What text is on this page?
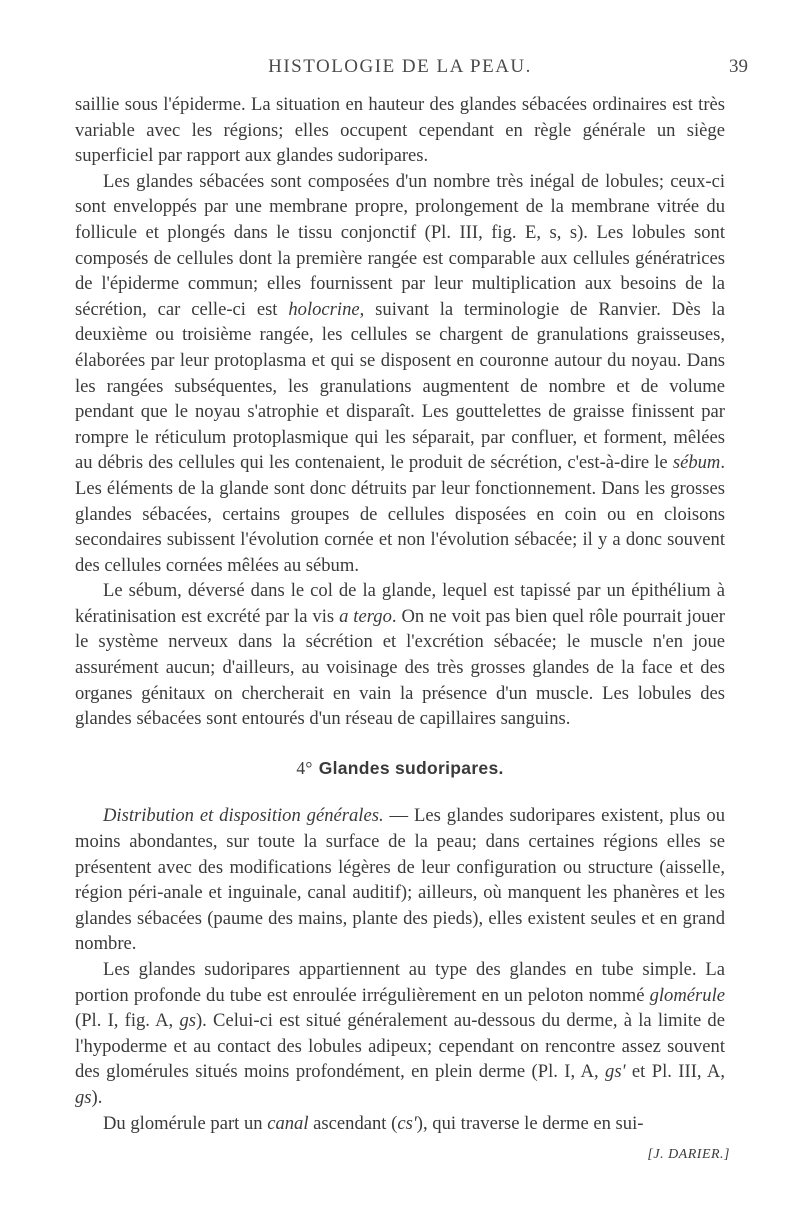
HISTOLOGIE DE LA PEAU.	39

saillie sous l'épiderme. La situation en hauteur des glandes sébacées ordinaires est très variable avec les régions; elles occupent cependant en règle générale un siège superficiel par rapport aux glandes sudoripares.

Les glandes sébacées sont composées d'un nombre très inégal de lobules; ceux-ci sont enveloppés par une membrane propre, prolongement de la membrane vitrée du follicule et plongés dans le tissu conjonctif (Pl. III, fig. E, s, s). Les lobules sont composés de cellules dont la première rangée est comparable aux cellules génératrices de l'épiderme commun; elles fournissent par leur multiplication aux besoins de la sécrétion, car celle-ci est holocrine, suivant la terminologie de Ranvier. Dès la deuxième ou troisième rangée, les cellules se chargent de granulations graisseuses, élaborées par leur protoplasma et qui se disposent en couronne autour du noyau. Dans les rangées subséquentes, les granulations augmentent de nombre et de volume pendant que le noyau s'atrophie et disparaît. Les gouttelettes de graisse finissent par rompre le réticulum protoplasmique qui les séparait, par confluer, et forment, mêlées au débris des cellules qui les contenaient, le produit de sécrétion, c'est-à-dire le sébum. Les éléments de la glande sont donc détruits par leur fonctionnement. Dans les grosses glandes sébacées, certains groupes de cellules disposées en coin ou en cloisons secondaires subissent l'évolution cornée et non l'évolution sébacée; il y a donc souvent des cellules cornées mêlées au sébum.

Le sébum, déversé dans le col de la glande, lequel est tapissé par un épithélium à kératinisation est excrété par la vis a tergo. On ne voit pas bien quel rôle pourrait jouer le système nerveux dans la sécrétion et l'excrétion sébacée; le muscle n'en joue assurément aucun; d'ailleurs, au voisinage des très grosses glandes de la face et des organes génitaux on chercherait en vain la présence d'un muscle. Les lobules des glandes sébacées sont entourés d'un réseau de capillaires sanguins.

4° Glandes sudoripares.

Distribution et disposition générales. — Les glandes sudoripares existent, plus ou moins abondantes, sur toute la surface de la peau; dans certaines régions elles se présentent avec des modifications légères de leur configuration ou structure (aisselle, région péri-anale et inguinale, canal auditif); ailleurs, où manquent les phanères et les glandes sébacées (paume des mains, plante des pieds), elles existent seules et en grand nombre.

Les glandes sudoripares appartiennent au type des glandes en tube simple. La portion profonde du tube est enroulée irrégulièrement en un peloton nommé glomérule (Pl. I, fig. A, gs). Celui-ci est situé généralement au-dessous du derme, à la limite de l'hypoderme et au contact des lobules adipeux; cependant on rencontre assez souvent des glomérules situés moins profondément, en plein derme (Pl. I, A, gs' et Pl. III, A, gs).

Du glomérule part un canal ascendant (cs'), qui traverse le derme en sui-

[J. DARIER.]
